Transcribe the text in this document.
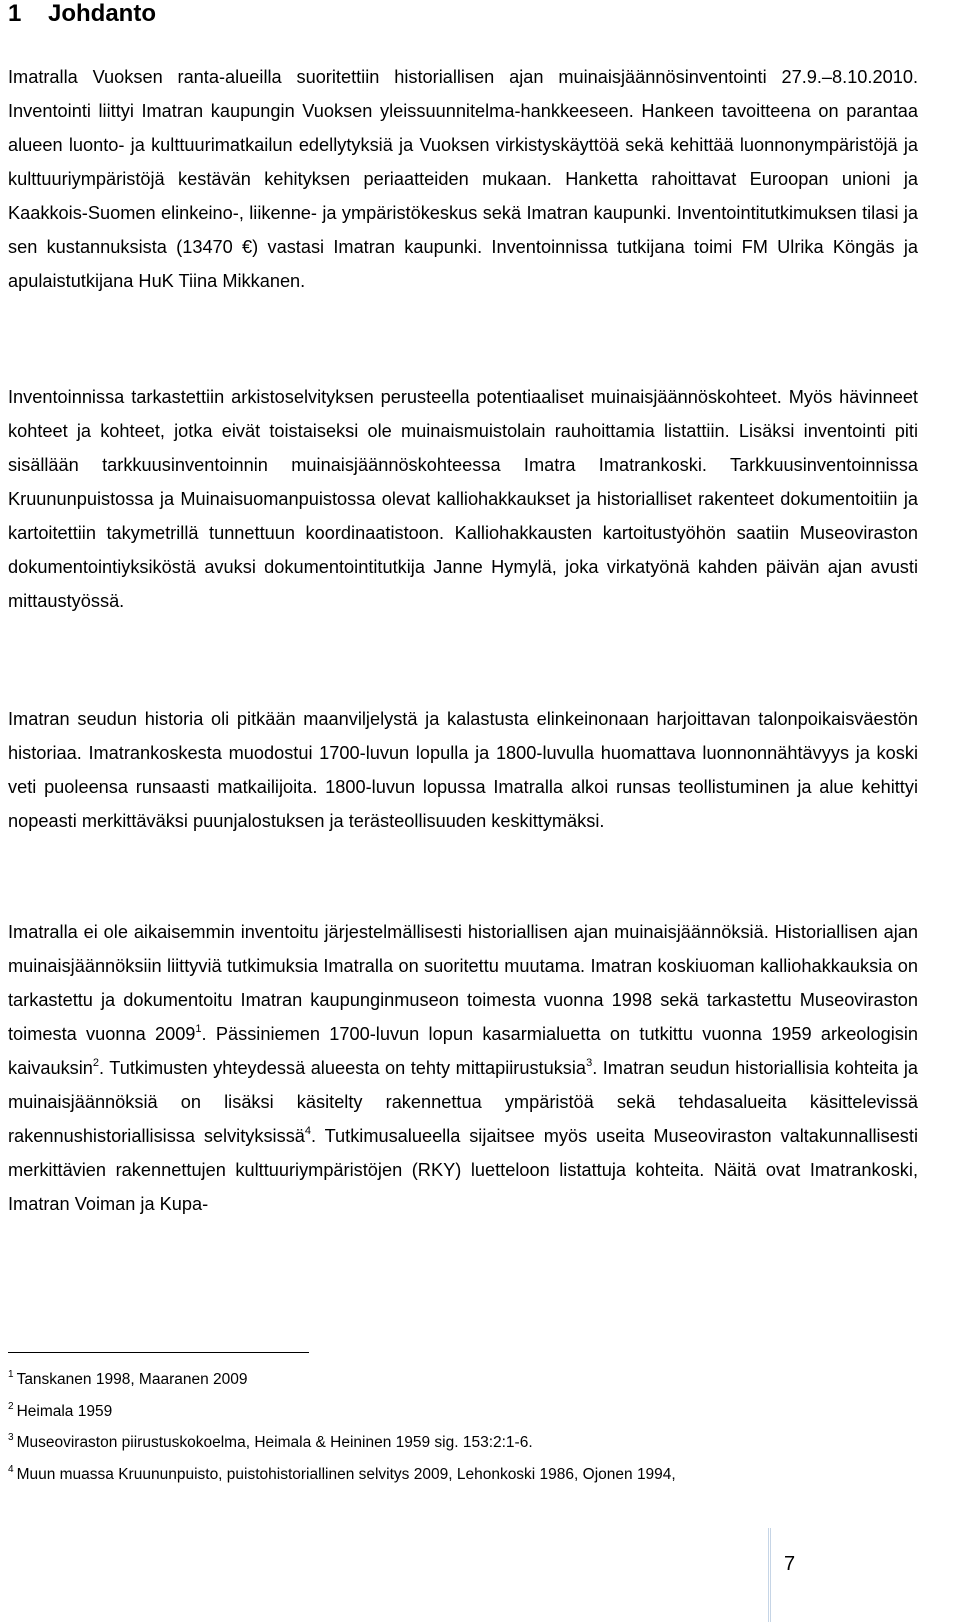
1 Johdanto

Imatralla Vuoksen ranta-alueilla suoritettiin historiallisen ajan muinaisjäännösinventointi 27.9.–8.10.2010. Inventointi liittyi Imatran kaupungin Vuoksen yleissuunnitelma-hankkeeseen. Hankeen tavoitteena on parantaa alueen luonto- ja kulttuurimatkailun edellytyksiä ja Vuoksen virkistyskäyttöä sekä kehittää luonnonympäristöjä ja kulttuuriympäristöjä kestävän kehityksen periaatteiden mukaan. Hanketta rahoittavat Euroopan unioni ja Kaakkois-Suomen elinkeino-, liikenne- ja ympäristökeskus sekä Imatran kaupunki. Inventointitutkimuksen tilasi ja sen kustannuksista (13470 €) vastasi Imatran kaupunki. Inventoinnissa tutkijana toimi FM Ulrika Köngäs ja apulaistutkijana HuK Tiina Mikkanen.

Inventoinnissa tarkastettiin arkistoselvityksen perusteella potentiaaliset muinaisjäännöskohteet. Myös hävinneet kohteet ja kohteet, jotka eivät toistaiseksi ole muinaismuistolain rauhoittamia listattiin. Lisäksi inventointi piti sisällään tarkkuusinventoinnin muinaisjäännöskohteessa Imatra Imatrankoski. Tarkkuusinventoinnissa Kruununpuistossa ja Muinaisuomanpuistossa olevat kalliohakkaukset ja historialliset rakenteet dokumentoitiin ja kartoitettiin takymetrillä tunnettuun koordinaatistoon. Kalliohakkausten kartoitustyöhön saatiin Museoviraston dokumentointiyksiköstä avuksi dokumentointitutkija Janne Hymylä, joka virkatyönä kahden päivän ajan avusti mittaustyössä.

Imatran seudun historia oli pitkään maanviljelystä ja kalastusta elinkeinonaan harjoittavan talonpoikaisväestön historiaa. Imatrankoskesta muodostui 1700-luvun lopulla ja 1800-luvulla huomattava luonnonnähtävyys ja koski veti puoleensa runsaasti matkailijoita. 1800-luvun lopussa Imatralla alkoi runsas teollistuminen ja alue kehittyi nopeasti merkittäväksi puunjalostuksen ja terästeollisuuden keskittymäksi.

Imatralla ei ole aikaisemmin inventoitu järjestelmällisesti historiallisen ajan muinaisjäännöksiä. Historiallisen ajan muinaisjäännöksiin liittyviä tutkimuksia Imatralla on suoritettu muutama. Imatran koskiuoman kalliohakkauksia on tarkastettu ja dokumentoitu Imatran kaupunginmuseon toimesta vuonna 1998 sekä tarkastettu Museoviraston toimesta vuonna 2009$^1$. Pässiniemen 1700-luvun lopun kasarmialuetta on tutkittu vuonna 1959 arkeologisin kaivauksin$^2$. Tutkimusten yhteydessä alueesta on tehty mittapiirustuksia$^3$. Imatran seudun historiallisia kohteita ja muinaisjäännöksiä on lisäksi käsitelty rakennettua ympäristöä sekä tehdasalueita käsittelevissä rakennushistoriallisissa selvityksissä$^4$. Tutkimusalueella sijaitsee myös useita Museoviraston valtakunnallisesti merkittävien rakennettujen kulttuuriympäristöjen (RKY) luetteloon listattuja kohteita. Näitä ovat Imatrankoski, Imatran Voiman ja Kupa-

$^1$ Tanskanen 1998, Maaranen 2009
$^2$ Heimala 1959
$^3$ Museoviraston piirustuskokoelma, Heimala & Heininen 1959 sig. 153:2:1-6.
$^4$ Muun muassa Kruununpuisto, puistohistoriallinen selvitys 2009, Lehonkoski 1986, Ojonen 1994,
7
